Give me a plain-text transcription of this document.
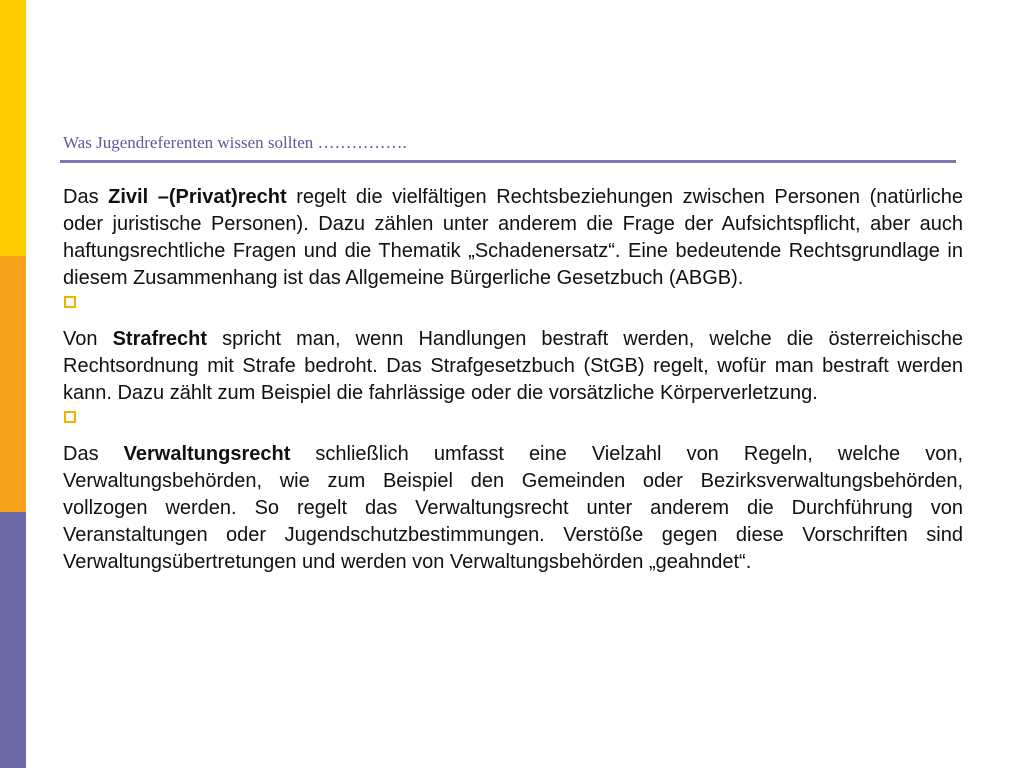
Was Jugendreferenten wissen sollten …………….

Das Zivil –(Privat)recht regelt die vielfältigen Rechtsbeziehungen zwischen Personen (natürliche oder juristische Personen). Dazu zählen unter anderem die Frage der Aufsichtspflicht, aber auch haftungsrechtliche Fragen und die Thematik „Schadenersatz“. Eine bedeutende Rechtsgrundlage in diesem Zusammenhang ist das Allgemeine Bürgerliche Gesetzbuch (ABGB).

Von Strafrecht spricht man, wenn Handlungen bestraft werden, welche die österreichische Rechtsordnung mit Strafe bedroht. Das Strafgesetzbuch (StGB) regelt, wofür man bestraft werden kann. Dazu zählt zum Beispiel die fahrlässige oder die vorsätzliche Körperverletzung.

Das Verwaltungsrecht schließlich umfasst eine Vielzahl von Regeln, welche von, Verwaltungsbehörden, wie zum Beispiel den Gemeinden oder Bezirksverwaltungsbehörden, vollzogen werden. So regelt das Verwaltungsrecht unter anderem die Durchführung von Veranstaltungen oder Jugendschutzbestimmungen. Verstöße gegen diese Vorschriften sind Verwaltungsübertretungen und werden von Verwaltungsbehörden „geahndet“.
